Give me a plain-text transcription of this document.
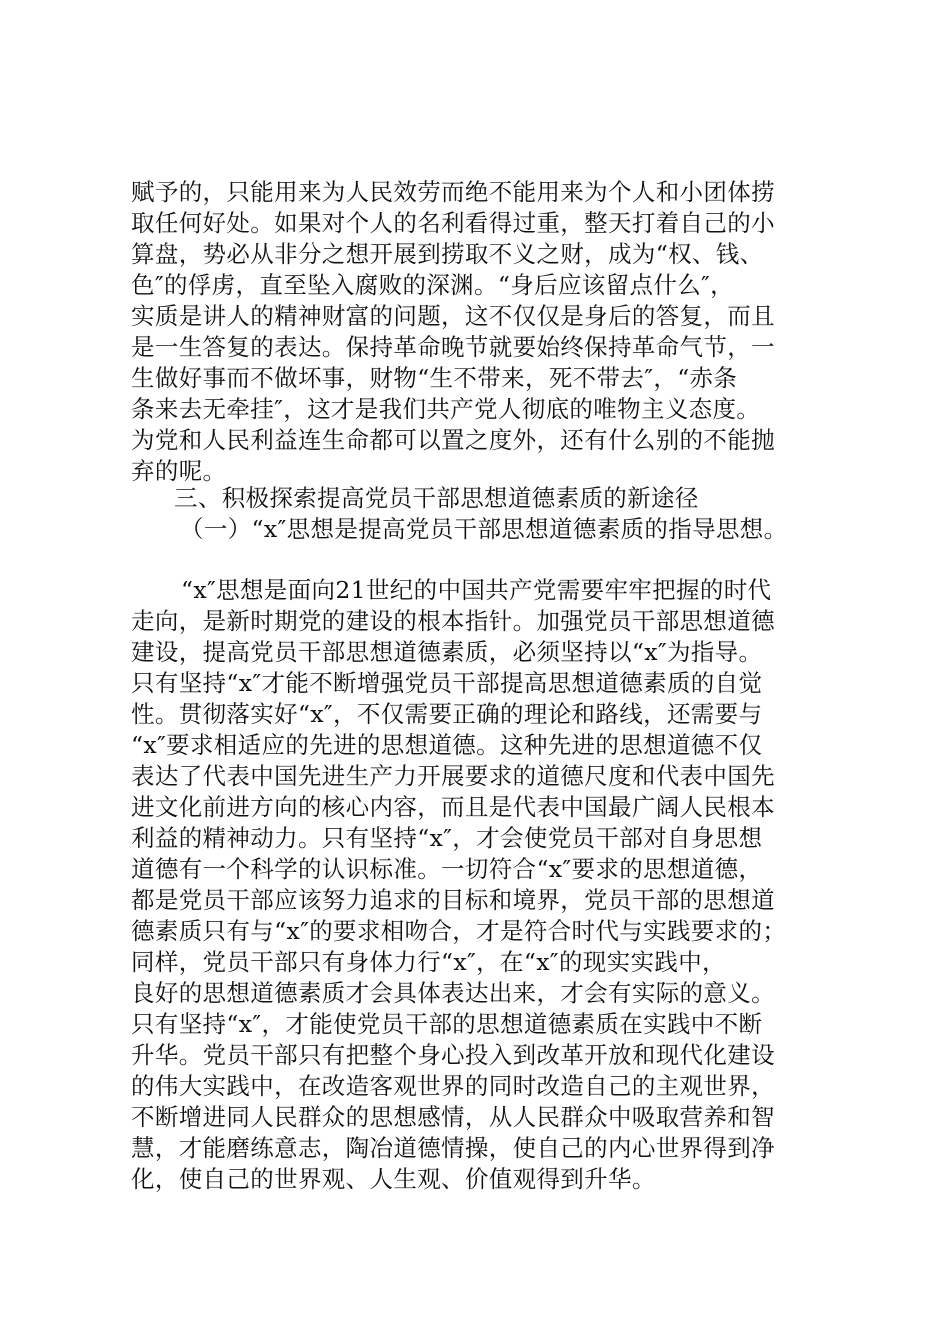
赋予的，只能用来为人民效劳而绝不能用来为个人和小团体捞
取任何好处。如果对个人的名利看得过重，整天打着自己的小
算盘，势必从非分之想开展到捞取不义之财，成为“权、钱、
色″的俘虏，直至坠入腐败的深渊。“身后应该留点什么″，
实质是讲人的精神财富的问题，这不仅仅是身后的答复，而且
是一生答复的表达。保持革命晚节就要始终保持革命气节，一
生做好事而不做坏事，财物“生不带来，死不带去″，“赤条
条来去无牵挂″，这才是我们共产党人彻底的唯物主义态度。
为党和人民利益连生命都可以置之度外，还有什么别的不能抛
弃的呢。
三、积极探索提高党员干部思想道德素质的新途径
（一）“x″思想是提高党员干部思想道德素质的指导思想。
“x″思想是面向21世纪的中国共产党需要牢牢把握的时代
走向，是新时期党的建设的根本指针。加强党员干部思想道德
建设，提高党员干部思想道德素质，必须坚持以“x″为指导。
只有坚持“x″才能不断增强党员干部提高思想道德素质的自觉
性。贯彻落实好“x″，不仅需要正确的理论和路线，还需要与
“x″要求相适应的先进的思想道德。这种先进的思想道德不仅
表达了代表中国先进生产力开展要求的道德尺度和代表中国先
进文化前进方向的核心内容，而且是代表中国最广阔人民根本
利益的精神动力。只有坚持“x″，才会使党员干部对自身思想
道德有一个科学的认识标准。一切符合“x″要求的思想道德，
都是党员干部应该努力追求的目标和境界，党员干部的思想道
德素质只有与“x″的要求相吻合，才是符合时代与实践要求的；
同样，党员干部只有身体力行“x″，在“x″的现实实践中，
良好的思想道德素质才会具体表达出来，才会有实际的意义。
只有坚持“x″，才能使党员干部的思想道德素质在实践中不断
升华。党员干部只有把整个身心投入到改革开放和现代化建设
的伟大实践中，在改造客观世界的同时改造自己的主观世界，
不断增进同人民群众的思想感情，从人民群众中吸取营养和智
慧，才能磨练意志，陶冶道德情操，使自己的内心世界得到净
化，使自己的世界观、人生观、价值观得到升华。
